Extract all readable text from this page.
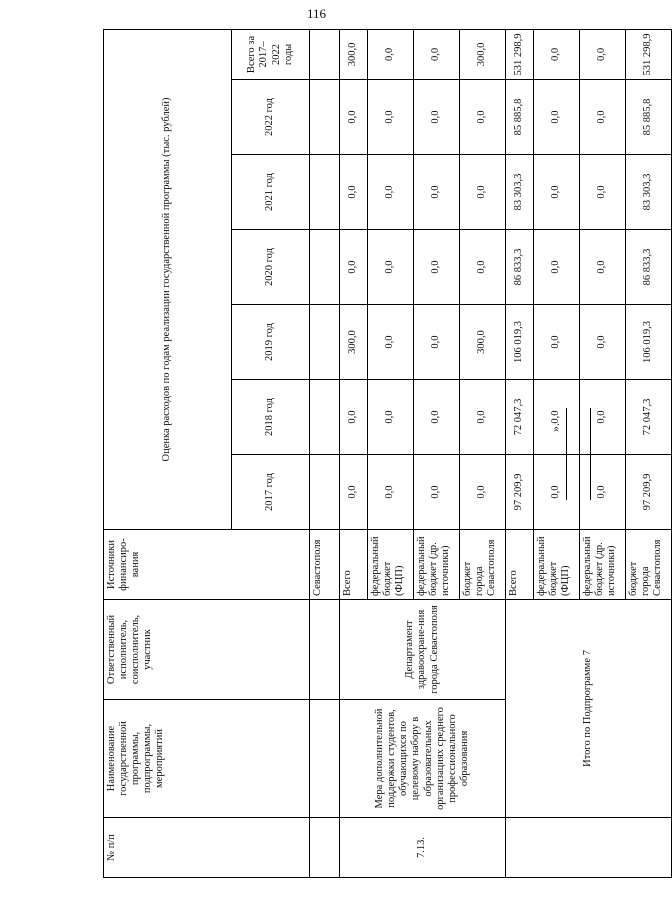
116
№ п/п	Наименование государственной программы, подпрограммы, мероприятий	Ответственный исполнитель, соисполнитель, участник	Источники финансиро-вания	Оценка расходов по годам реализации государственной программы (тыс. рублей)						
				2017 год	2018 год	2019 год	2020 год	2021 год	2022 год	Всего за 2017–2022 годы
			Севастополя							
7.13.	Мера дополнительной поддержки студентов, обучающихся по целевому набору в образовательных организациях среднего профессионального образования	Департамент здравоохране-ния города Севастополя	Всего	0,0	0,0	300,0	0,0	0,0	0,0	300,0
			федеральный бюджет (ФЦП)	0,0	0,0	0,0	0,0	0,0	0,0	0,0
			федеральный бюджет (др. источники)	0,0	0,0	0,0	0,0	0,0	0,0	0,0
			бюджет города Севастополя	0,0	0,0	300,0	0,0	0,0	0,0	300,0
	Итого по Подпрограмме 7		Всего	97 209,9	72 047,3	106 019,3	86 833,3	83 303,3	85 885,8	531 298,9
			федеральный бюджет (ФЦП)	0,0	0,0	0,0	0,0	0,0	0,0	0,0
			федеральный бюджет (др. источники)	0,0	0,0	0,0	0,0	0,0	0,0	0,0
			бюджет города Севастополя	97 209,9	72 047,3	106 019,3	86 833,3	83 303,3	85 885,8	531 298,9
».
